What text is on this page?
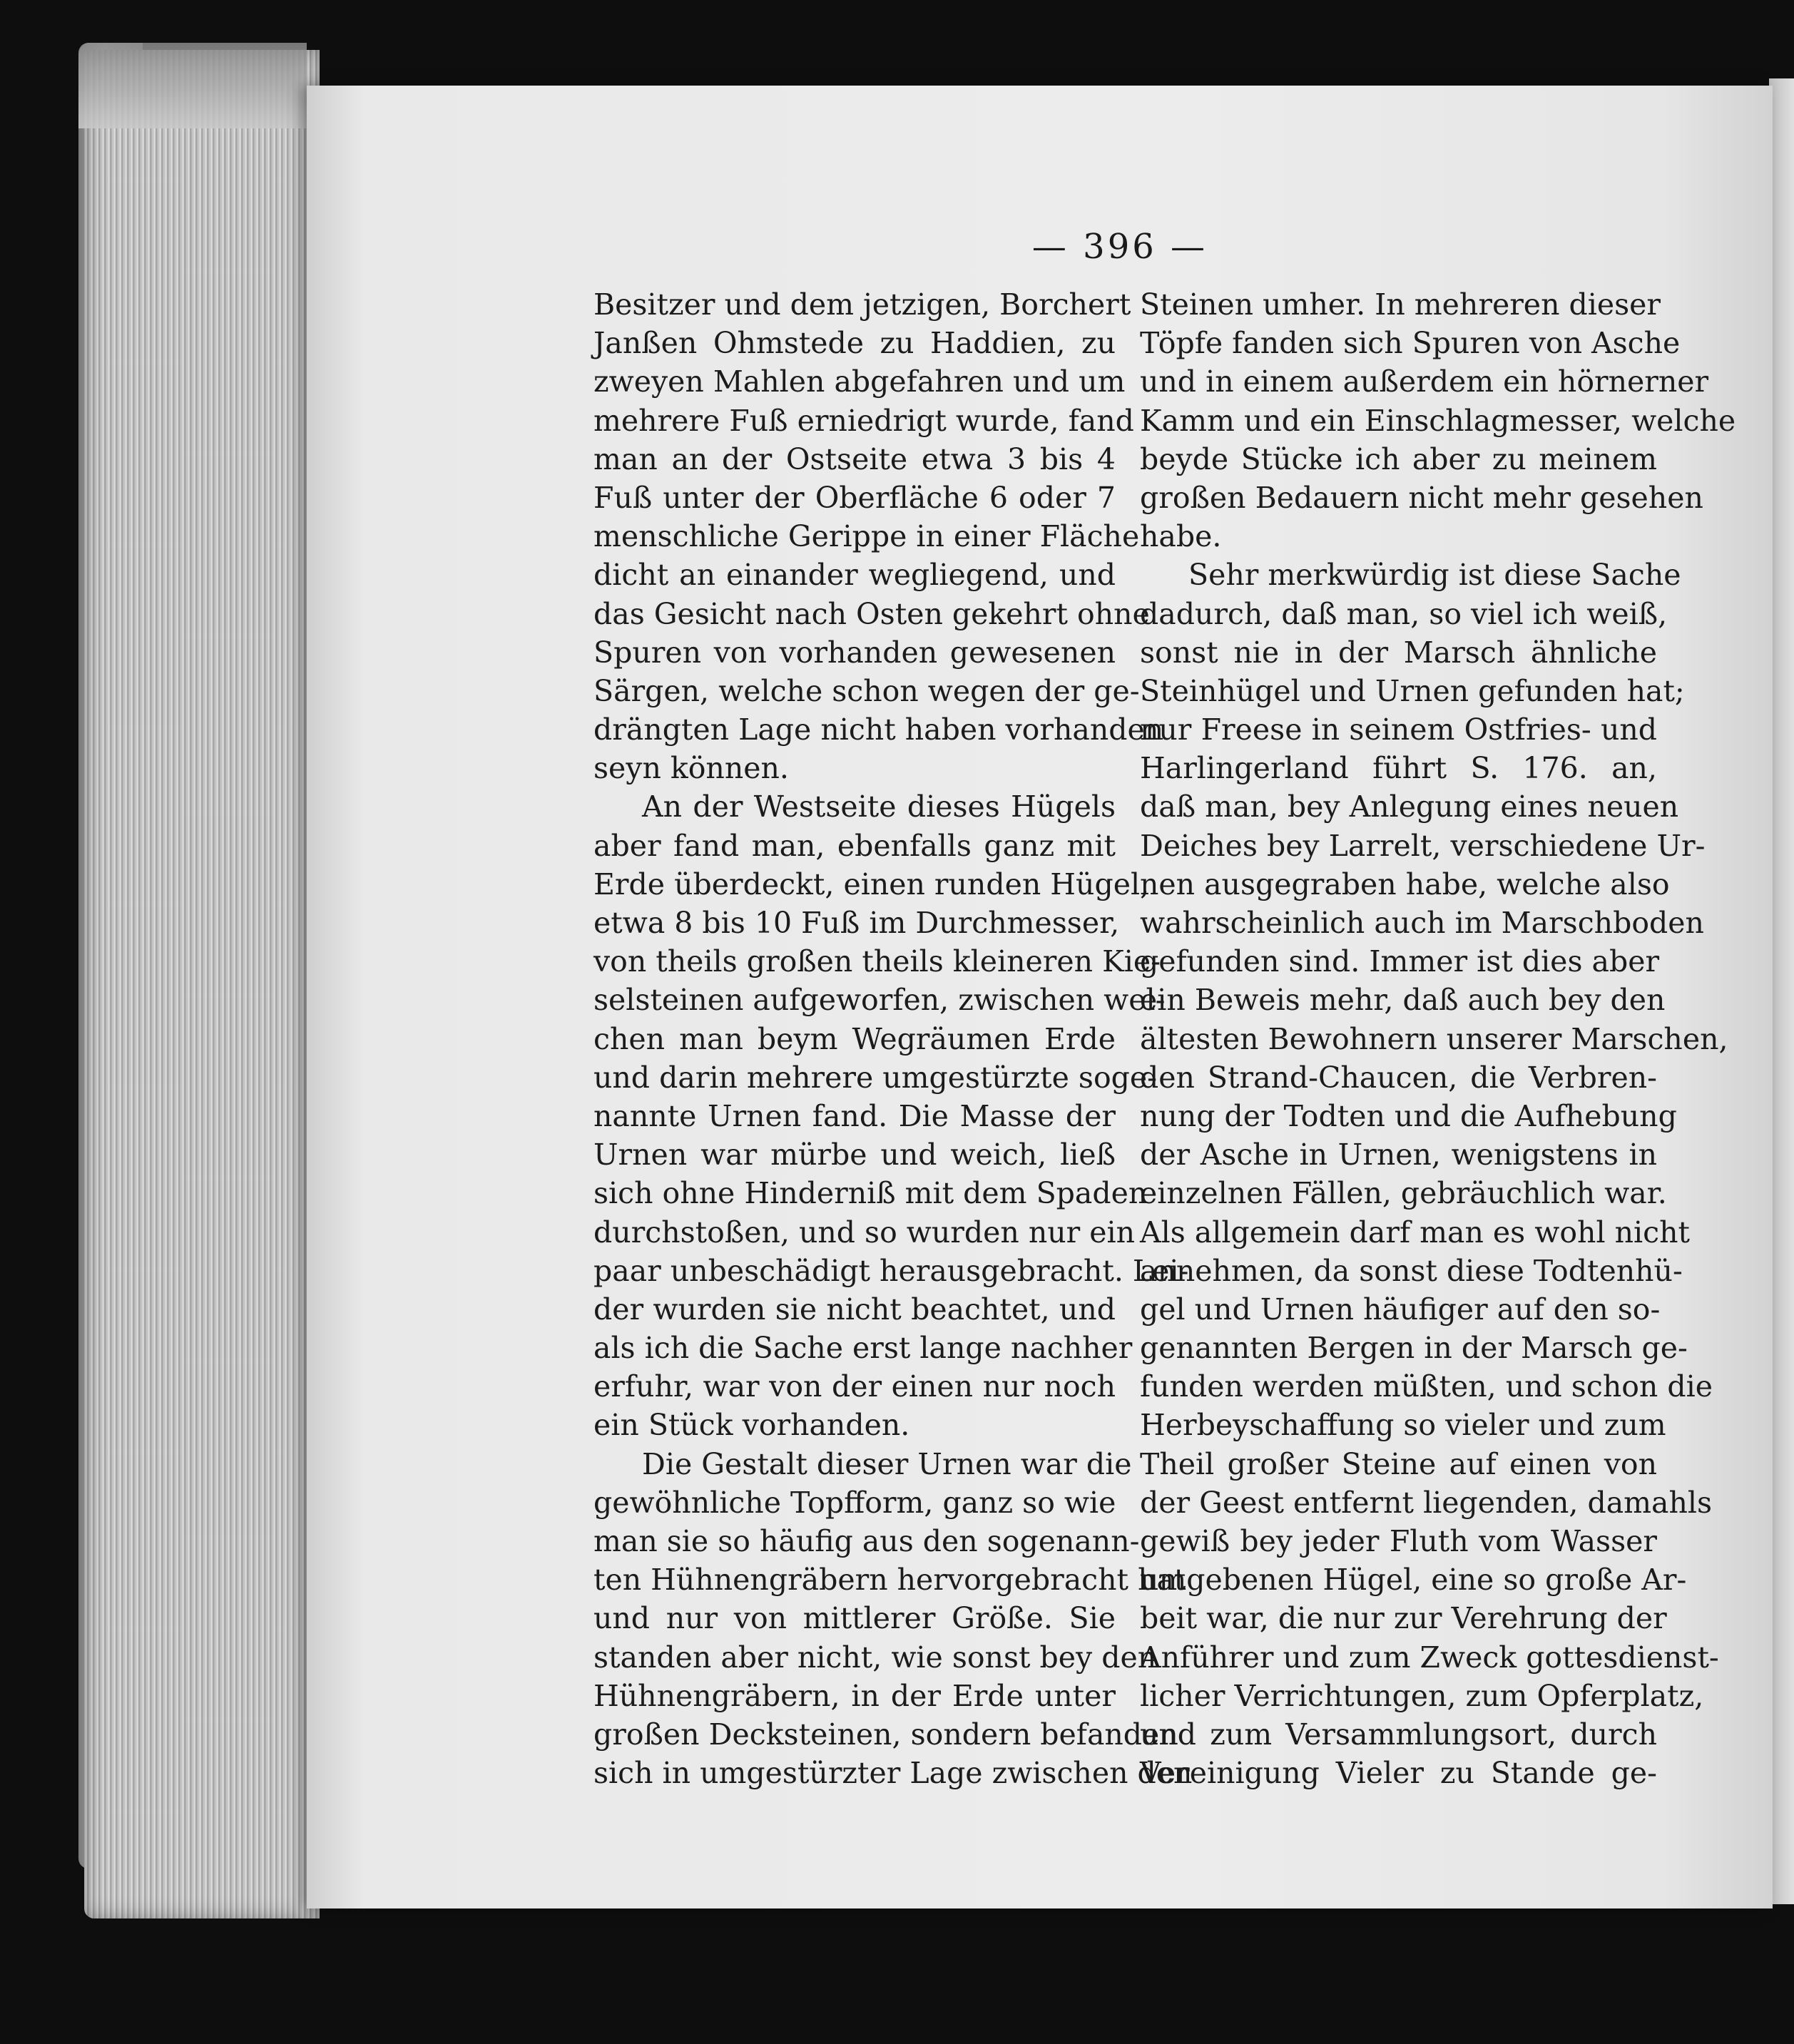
— 396 —
Besitzer und dem jetzigen, Borchert
Janßen Ohmstede zu Haddien, zu
zweyen Mahlen abgefahren und um
mehrere Fuß erniedrigt wurde, fand
man an der Ostseite etwa 3 bis 4
Fuß unter der Oberfläche 6 oder 7
menschliche Gerippe in einer Fläche
dicht an einander wegliegend, und
das Gesicht nach Osten gekehrt ohne
Spuren von vorhanden gewesenen
Särgen, welche schon wegen der ge-
drängten Lage nicht haben vorhanden
seyn können.
An der Westseite dieses Hügels
aber fand man, ebenfalls ganz mit
Erde überdeckt, einen runden Hügel,
etwa 8 bis 10 Fuß im Durchmesser,
von theils großen theils kleineren Kie-
selsteinen aufgeworfen, zwischen wel-
chen man beym Wegräumen Erde
und darin mehrere umgestürzte soge-
nannte Urnen fand. Die Masse der
Urnen war mürbe und weich, ließ
sich ohne Hinderniß mit dem Spaden
durchstoßen, und so wurden nur ein
paar unbeschädigt herausgebracht. Lei-
der wurden sie nicht beachtet, und
als ich die Sache erst lange nachher
erfuhr, war von der einen nur noch
ein Stück vorhanden.
Die Gestalt dieser Urnen war die
gewöhnliche Topfform, ganz so wie
man sie so häufig aus den sogenann-
ten Hühnengräbern hervorgebracht hat
und nur von mittlerer Größe. Sie
standen aber nicht, wie sonst bey den
Hühnengräbern, in der Erde unter
großen Decksteinen, sondern befanden
sich in umgestürzter Lage zwischen den
Steinen umher. In mehreren dieser
Töpfe fanden sich Spuren von Asche
und in einem außerdem ein hörnerner
Kamm und ein Einschlagmesser, welche
beyde Stücke ich aber zu meinem
großen Bedauern nicht mehr gesehen
habe.
Sehr merkwürdig ist diese Sache
dadurch, daß man, so viel ich weiß,
sonst nie in der Marsch ähnliche
Steinhügel und Urnen gefunden hat;
nur Freese in seinem Ostfries- und
Harlingerland führt S. 176. an,
daß man, bey Anlegung eines neuen
Deiches bey Larrelt, verschiedene Ur-
nen ausgegraben habe, welche also
wahrscheinlich auch im Marschboden
gefunden sind. Immer ist dies aber
ein Beweis mehr, daß auch bey den
ältesten Bewohnern unserer Marschen,
den Strand-Chaucen, die Verbren-
nung der Todten und die Aufhebung
der Asche in Urnen, wenigstens in
einzelnen Fällen, gebräuchlich war.
Als allgemein darf man es wohl nicht
annehmen, da sonst diese Todtenhü-
gel und Urnen häufiger auf den so-
genannten Bergen in der Marsch ge-
funden werden müßten, und schon die
Herbeyschaffung so vieler und zum
Theil großer Steine auf einen von
der Geest entfernt liegenden, damahls
gewiß bey jeder Fluth vom Wasser
umgebenen Hügel, eine so große Ar-
beit war, die nur zur Verehrung der
Anführer und zum Zweck gottesdienst-
licher Verrichtungen, zum Opferplatz,
und zum Versammlungsort, durch
Vereinigung Vieler zu Stande ge-
